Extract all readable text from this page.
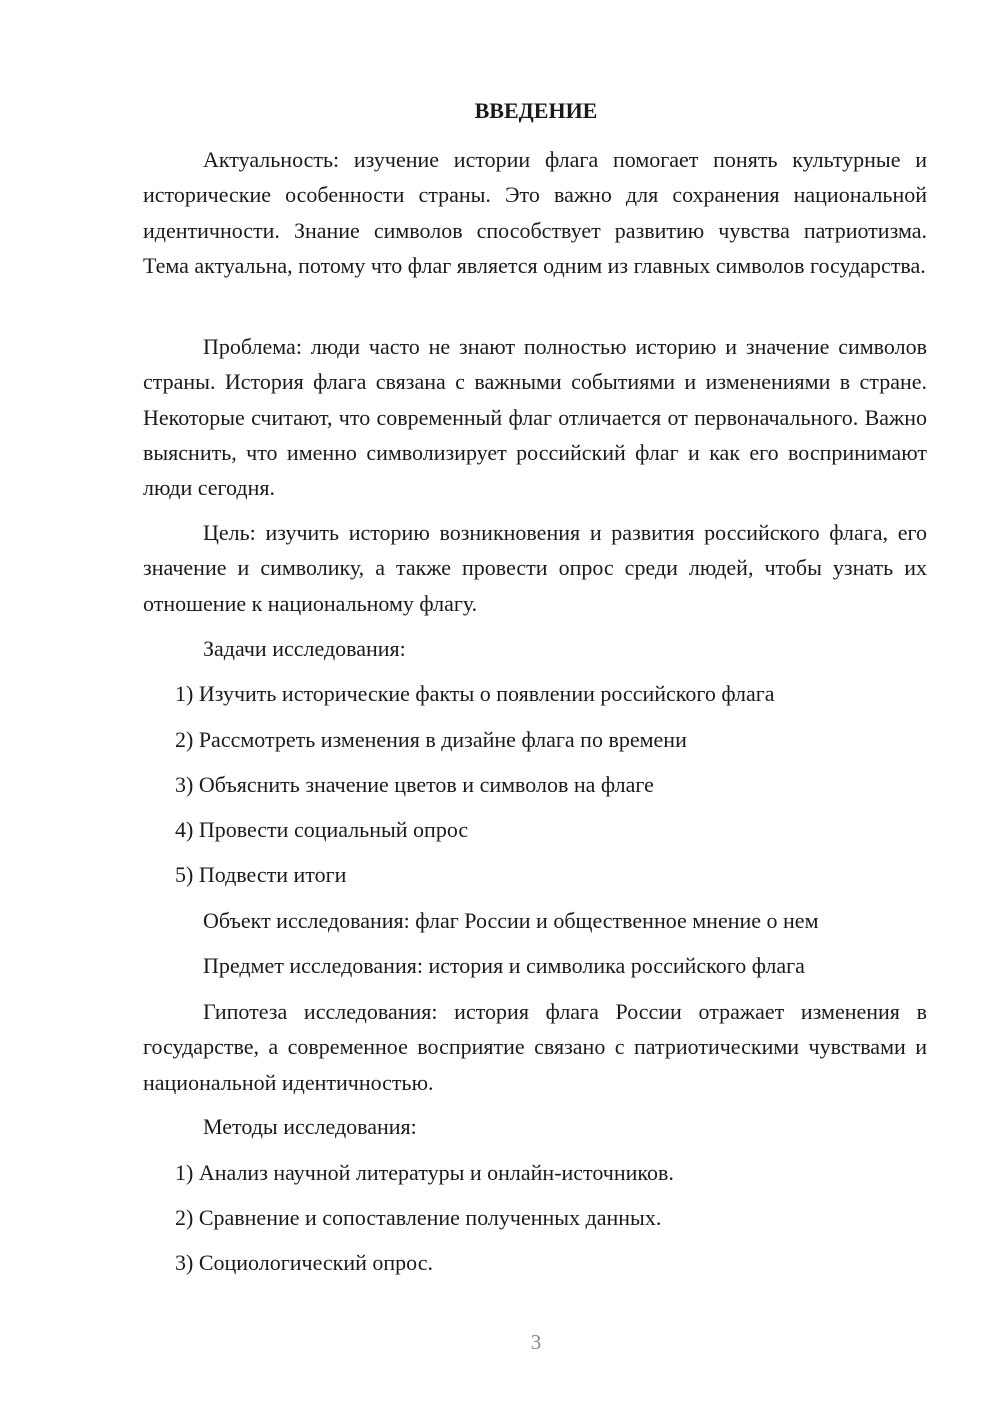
ВВЕДЕНИЕ

Актуальность: изучение истории флага помогает понять культурные и исторические особенности страны. Это важно для сохранения национальной идентичности. Знание символов способствует развитию чувства патриотизма. Тема актуальна, потому что флаг является одним из главных символов государства.

Проблема: люди часто не знают полностью историю и значение символов страны. История флага связана с важными событиями и изменениями в стране. Некоторые считают, что современный флаг отличается от первоначального. Важно выяснить, что именно символизирует российский флаг и как его воспринимают люди сегодня.

Цель: изучить историю возникновения и развития российского флага, его значение и символику, а также провести опрос среди людей, чтобы узнать их отношение к национальному флагу.

Задачи исследования:

1) Изучить исторические факты о появлении российского флага

2) Рассмотреть изменения в дизайне флага по времени

3) Объяснить значение цветов и символов на флаге

4) Провести социальный опрос

5) Подвести итоги

Объект исследования: флаг России и общественное мнение о нем

Предмет исследования: история и символика российского флага

Гипотеза исследования: история флага России отражает изменения в государстве, а современное восприятие связано с патриотическими чувствами и национальной идентичностью.

Методы исследования:

1) Анализ научной литературы и онлайн-источников.

2) Сравнение и сопоставление полученных данных.

3) Социологический опрос.

3
